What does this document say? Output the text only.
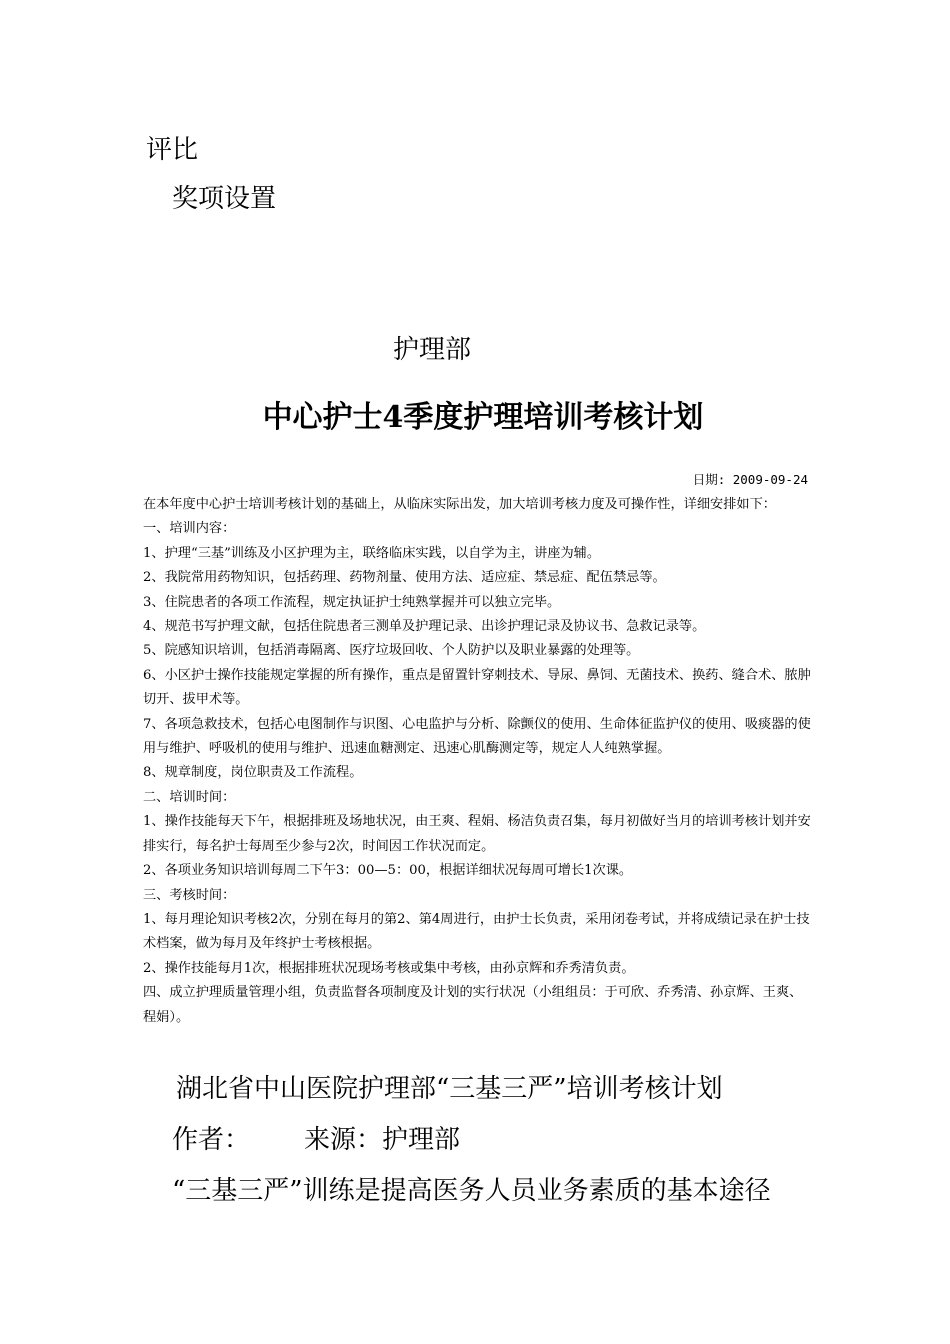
评比
奖项设置
护理部
中心护士4季度护理培训考核计划
日期: 2009-09-24

在本年度中心护士培训考核计划的基础上，从临床实际出发，加大培训考核力度及可操作性，详细安排如下：

一、培训内容：

1、护理“三基”训练及小区护理为主，联络临床实践，以自学为主，讲座为辅。

2、我院常用药物知识，包括药理、药物剂量、使用方法、适应症、禁忌症、配伍禁忌等。

3、住院患者的各项工作流程，规定执证护士纯熟掌握并可以独立完毕。

4、规范书写护理文献，包括住院患者三测单及护理记录、出诊护理记录及协议书、急救记录等。

5、院感知识培训，包括消毒隔离、医疗垃圾回收、个人防护以及职业暴露的处理等。

6、小区护士操作技能规定掌握的所有操作，重点是留置针穿刺技术、导尿、鼻饲、无菌技术、换药、缝合术、脓肿切开、拔甲术等。

7、各项急救技术，包括心电图制作与识图、心电监护与分析、除颤仪的使用、生命体征监护仪的使用、吸痰器的使用与维护、呼吸机的使用与维护、迅速血糖测定、迅速心肌酶测定等，规定人人纯熟掌握。

8、规章制度，岗位职责及工作流程。

二、培训时间：

1、操作技能每天下午，根据排班及场地状况，由王爽、程娟、杨洁负责召集，每月初做好当月的培训考核计划并安排实行，每名护士每周至少参与2次，时间因工作状况而定。

2、各项业务知识培训每周二下午3：00—5：00，根据详细状况每周可增长1次课。

三、考核时间：

1、每月理论知识考核2次，分别在每月的第2、第4周进行，由护士长负责，采用闭卷考试，并将成绩记录在护士技术档案，做为每月及年终护士考核根据。

2、操作技能每月1次，根据排班状况现场考核或集中考核，由孙京辉和乔秀清负责。

四、成立护理质量管理小组，负责监督各项制度及计划的实行状况（小组组员：于可欣、乔秀清、孙京辉、王爽、程娟）。

湖北省中山医院护理部“三基三严”培训考核计划
作者： 来源：护理部
“三基三严”训练是提高医务人员业务素质的基本途径
